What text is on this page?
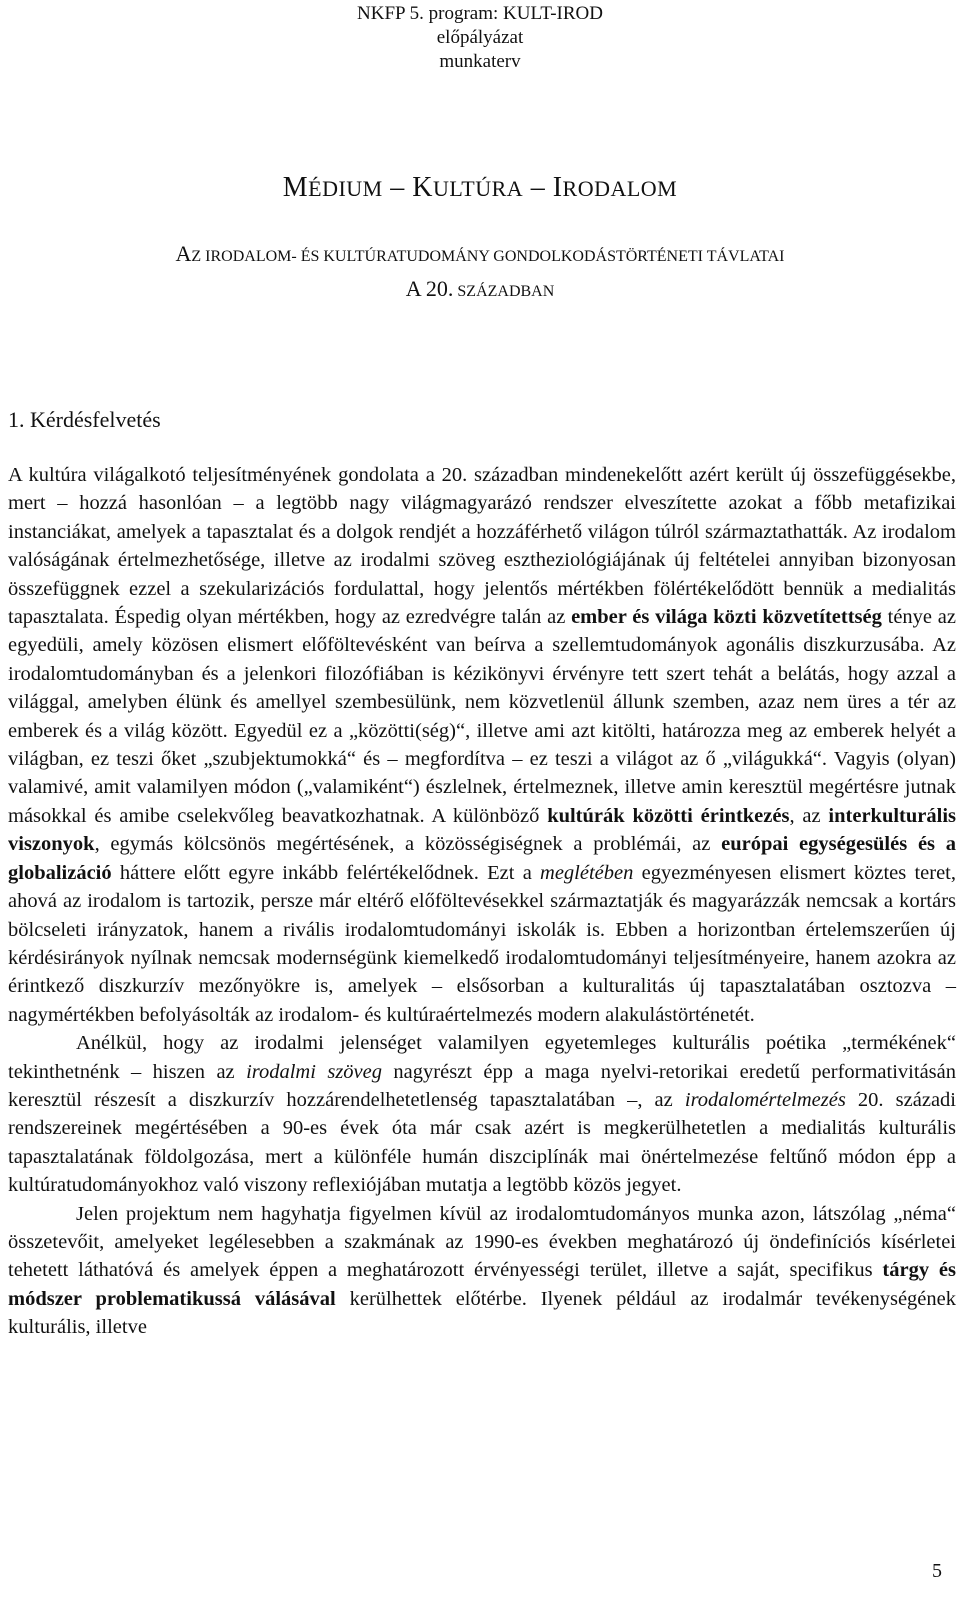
NKFP 5. program: KULT-IROD
előpályázat
munkaterv
MÉDIUM – KULTÚRA – IRODALOM
AZ IRODALOM- ÉS KULTÚRATUDOMÁNY GONDOLKODÁSTÖRTÉNETI TÁVLATAI
A 20. SZÁZADBAN
1. Kérdésfelvetés

A kultúra világalkotó teljesítményének gondolata a 20. században mindenekelőtt azért került új összefüggésekbe, mert – hozzá hasonlóan – a legtöbb nagy világmagyarázó rendszer elveszítette azokat a főbb metafizikai instanciákat, amelyek a tapasztalat és a dolgok rendjét a hozzáférhető világon túlról származtathatták. Az irodalom valóságának értelmezhetősége, illetve az irodalmi szöveg esztheziológiájának új feltételei annyiban bizonyosan összefüggnek ezzel a szekularizációs fordulattal, hogy jelentős mértékben fölértékelődött bennük a medialitás tapasztalata. Éspedig olyan mértékben, hogy az ezredvégre talán az ember és világa közti közvetítettség ténye az egyedüli, amely közösen elismert előföltevésként van beírva a szellemtudományok agonális diszkurzusába. Az irodalomtudományban és a jelenkori filozófiában is kézikönyvi érvényre tett szert tehát a belátás, hogy azzal a világgal, amelyben élünk és amellyel szembesülünk, nem közvetlenül állunk szemben, azaz nem üres a tér az emberek és a világ között. Egyedül ez a „közötti(ség)“, illetve ami azt kitölti, határozza meg az emberek helyét a világban, ez teszi őket „szubjektumokká“ és – megfordítva – ez teszi a világot az ő „világukká“. Vagyis (olyan) valamivé, amit valamilyen módon („valamiként“) észlelnek, értelmeznek, illetve amin keresztül megértésre jutnak másokkal és amibe cselekvőleg beavatkozhatnak. A különböző kultúrák közötti érintkezés, az interkulturális viszonyok, egymás kölcsönös megértésének, a közösségiségnek a problémái, az európai egységesülés és a globalizáció háttere előtt egyre inkább felértékelődnek. Ezt a meglétében egyezményesen elismert köztes teret, ahová az irodalom is tartozik, persze már eltérő előföltevésekkel származtatják és magyarázzák nemcsak a kortárs bölcseleti irányzatok, hanem a rivális irodalomtudományi iskolák is. Ebben a horizontban értelemszerűen új kérdésirányok nyílnak nemcsak modernségünk kiemelkedő irodalomtudományi teljesítményeire, hanem azokra az érintkező diszkurzív mezőnyökre is, amelyek – elsősorban a kulturalitás új tapasztalatában osztozva – nagymértékben befolyásolták az irodalom- és kultúraértelmezés modern alakulástörténetét.

Anélkül, hogy az irodalmi jelenséget valamilyen egyetemleges kulturális poétika „termékének“ tekinthetnénk – hiszen az irodalmi szöveg nagyrészt épp a maga nyelvi-retorikai eredetű performativitásán keresztül részesít a diszkurzív hozzárendelhetetlenség tapasztalatában –, az irodalomértelmezés 20. századi rendszereinek megértésében a 90-es évek óta már csak azért is megkerülhetetlen a medialitás kulturális tapasztalatának földolgozása, mert a különféle humán diszciplínák mai önértelmezése feltűnő módon épp a kultúratudományokhoz való viszony reflexiójában mutatja a legtöbb közös jegyet.

Jelen projektum nem hagyhatja figyelmen kívül az irodalomtudományos munka azon, látszólag „néma“ összetevőit, amelyeket legélesebben a szakmának az 1990-es években meghatározó új öndefiníciós kísérletei tehetett láthatóvá és amelyek éppen a meghatározott érvényességi terület, illetve a saját, specifikus tárgy és módszer problematikussá válásával kerülhettek előtérbe. Ilyenek például az irodalmár tevékenységének kulturális, illetve

5
